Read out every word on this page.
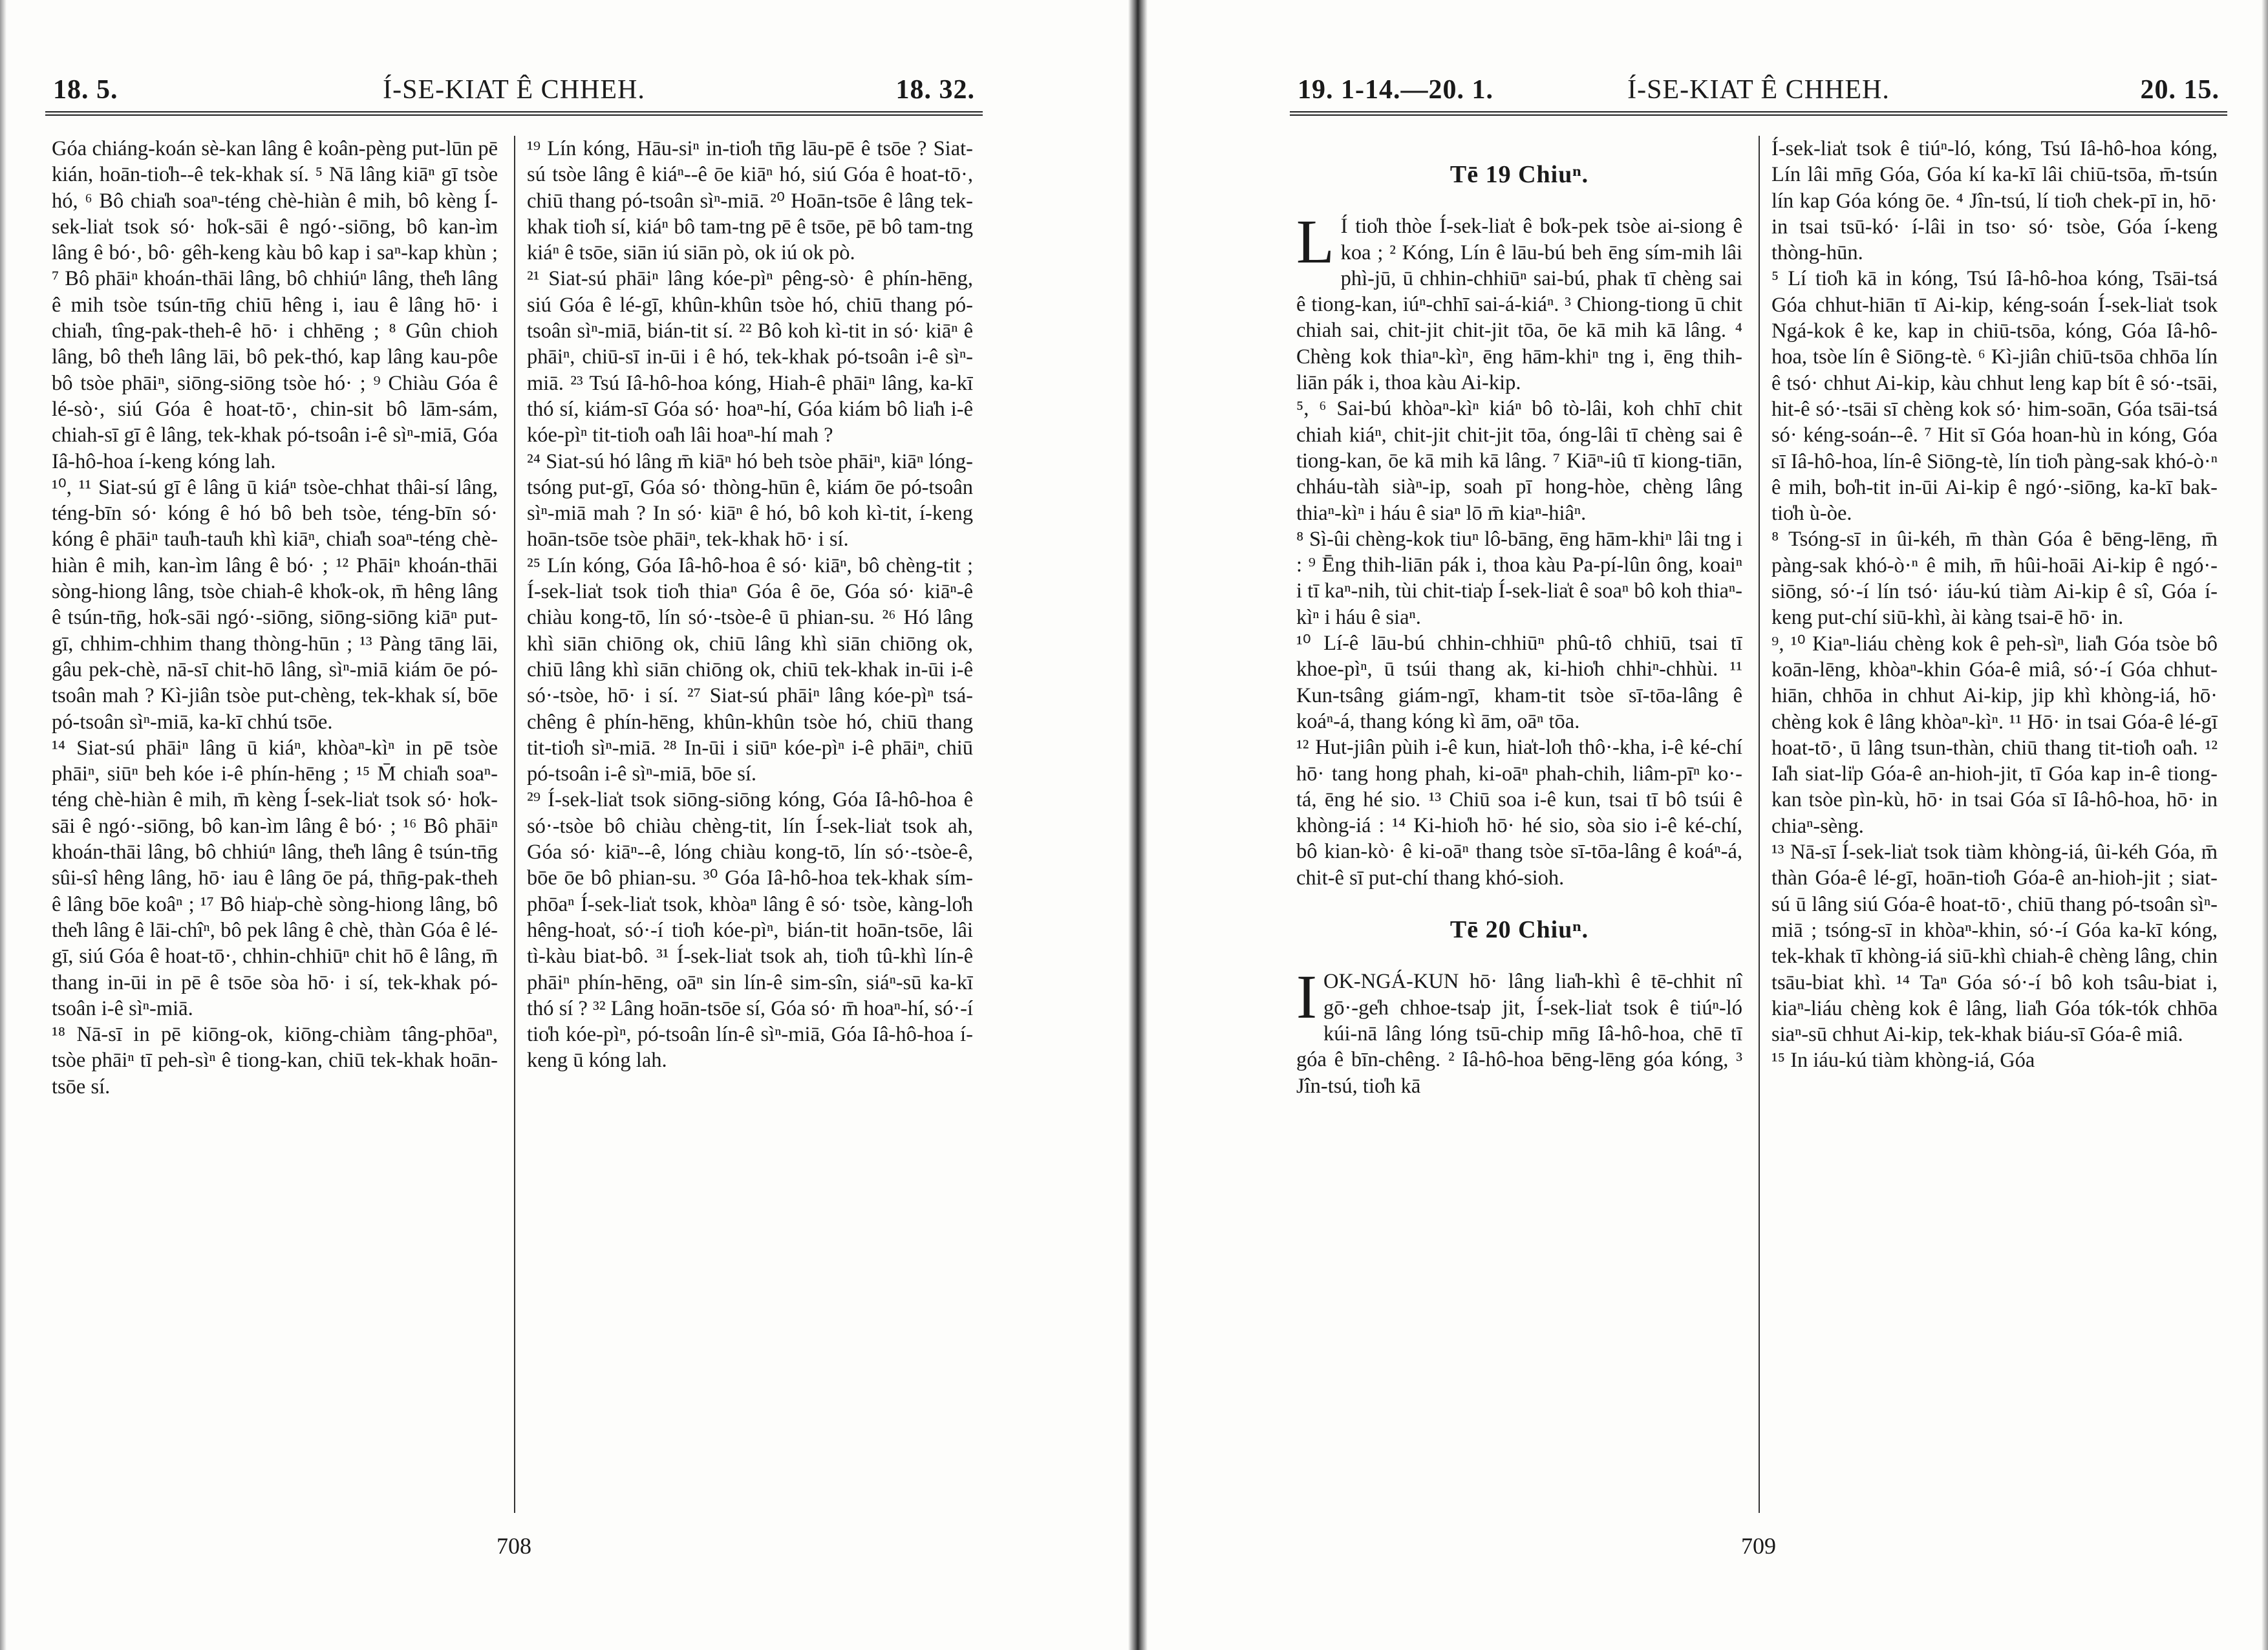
18. 5.	Í-SE-KIAT Ê CHHEH.	18. 32.

Góa chiáng-koán sè-kan lâng ê koân-pèng put-lūn pē kián, hoān-tio̍h--ê tek-khak sí. ⁵ Nā lâng kiāⁿ gī tsòe hó, ⁶ Bô chia̍h soaⁿ-téng chè-hiàn ê mih, bô kèng Í-sek-lia̍t tsok só· ho̍k-sāi ê ngó·-siōng, bô kan-ìm lâng ê bó·, bô· gêh-keng kàu bô kap i saⁿ-kap khùn ; ⁷ Bô phāiⁿ khoán-thāi lâng, bô chhiúⁿ lâng, the̍h lâng ê mih tsòe tsún-tn̄g chiū hêng i, iau ê lâng hō· i chia̍h, tîng-pak-theh-ê hō· i chhēng ; ⁸ Gûn chioh lâng, bô the̍h lâng lāi, bô pek-thó, kap lâng kau-pôe bô tsòe phāiⁿ, siōng-siōng tsòe hó· ; ⁹ Chiàu Góa ê lé-sò·, siú Góa ê hoat-tō·, chin-sit bô lām-sám, chiah-sī gī ê lâng, tek-khak pó-tsoân i-ê sìⁿ-miā, Góa Iâ-hô-hoa í-keng kóng lah.

¹⁰, ¹¹ Siat-sú gī ê lâng ū kiáⁿ tsòe-chhat thâi-sí lâng, téng-bīn só· kóng ê hó bô beh tsòe, téng-bīn só· kóng ê phāiⁿ tau̍h-tau̍h khì kiāⁿ, chia̍h soaⁿ-téng chè-hiàn ê mih, kan-ìm lâng ê bó· ; ¹² Phāiⁿ khoán-thāi sòng-hiong lâng, tsòe chiah-ê kho̍k-ok, m̄ hêng lâng ê tsún-tn̄g, ho̍k-sāi ngó·-siōng, siōng-siōng kiāⁿ put-gī, chhim-chhim thang thòng-hūn ; ¹³ Pàng tāng lāi, gâu pek-chè, nā-sī chit-hō lâng, sìⁿ-miā kiám ōe pó-tsoân mah ? Kì-jiân tsòe put-chèng, tek-khak sí, bōe pó-tsoân sìⁿ-miā, ka-kī chhú tsōe.

¹⁴ Siat-sú phāiⁿ lâng ū kiáⁿ, khòaⁿ-kìⁿ in pē tsòe phāiⁿ, siūⁿ beh kóe i-ê phín-hēng ; ¹⁵ M̄ chia̍h soaⁿ-téng chè-hiàn ê mih, m̄ kèng Í-sek-lia̍t tsok só· ho̍k-sāi ê ngó·-siōng, bô kan-ìm lâng ê bó· ; ¹⁶ Bô phāiⁿ khoán-thāi lâng, bô chhiúⁿ lâng, the̍h lâng ê tsún-tn̄g sûi-sî hêng lâng, hō· iau ê lâng ōe pá, thn̄g-pak-theh ê lâng bōe koâⁿ ; ¹⁷ Bô hia̍p-chè sòng-hiong lâng, bô the̍h lâng ê lāi-chîⁿ, bô pek lâng ê chè, thàn Góa ê lé-gī, siú Góa ê hoat-tō·, chhin-chhiūⁿ chit hō ê lâng, m̄ thang in-ūi in pē ê tsōe sòa hō· i sí, tek-khak pó-tsoân i-ê sìⁿ-miā.

¹⁸ Nā-sī in pē kiōng-ok, kiōng-chiàm tâng-phōaⁿ, tsòe phāiⁿ tī peh-sìⁿ ê tiong-kan, chiū tek-khak hoān-tsōe sí.

¹⁹ Lín kóng, Hāu-siⁿ in-tio̍h tn̄g lāu-pē ê tsōe ? Siat-sú tsòe lâng ê kiáⁿ--ê ōe kiāⁿ hó, siú Góa ê hoat-tō·, chiū thang pó-tsoân sìⁿ-miā. ²⁰ Hoān-tsōe ê lâng tek-khak tio̍h sí, kiáⁿ bô tam-tng pē ê tsōe, pē bô tam-tng kiáⁿ ê tsōe, siān iú siān pò, ok iú ok pò.

²¹ Siat-sú phāiⁿ lâng kóe-pìⁿ pêng-sò· ê phín-hēng, siú Góa ê lé-gī, khûn-khûn tsòe hó, chiū thang pó-tsoân sìⁿ-miā, bián-tit sí. ²² Bô koh kì-tit in só· kiāⁿ ê phāiⁿ, chiū-sī in-ūi i ê hó, tek-khak pó-tsoân i-ê sìⁿ-miā. ²³ Tsú Iâ-hô-hoa kóng, Hiah-ê phāiⁿ lâng, ka-kī thó sí, kiám-sī Góa só· hoaⁿ-hí, Góa kiám bô lia̍h i-ê kóe-pìⁿ tit-tio̍h oa̍h lâi hoaⁿ-hí mah ?

²⁴ Siat-sú hó lâng m̄ kiāⁿ hó beh tsòe phāiⁿ, kiāⁿ lóng-tsóng put-gī, Góa só· thòng-hūn ê, kiám ōe pó-tsoân sìⁿ-miā mah ? In só· kiāⁿ ê hó, bô koh kì-tit, í-keng hoān-tsōe tsòe phāiⁿ, tek-khak hō· i sí.

²⁵ Lín kóng, Góa Iâ-hô-hoa ê só· kiāⁿ, bô chèng-tit ; Í-sek-lia̍t tsok tio̍h thiaⁿ Góa ê ōe, Góa só· kiāⁿ-ê chiàu kong-tō, lín só·-tsòe-ê ū phian-su. ²⁶ Hó lâng khì siān chiōng ok, chiū lâng khì siān chiōng ok, chiū lâng khì siān chiōng ok, chiū tek-khak in-ūi i-ê só·-tsòe, hō· i sí. ²⁷ Siat-sú phāiⁿ lâng kóe-pìⁿ tsá-chêng ê phín-hēng, khûn-khûn tsòe hó, chiū thang tit-tio̍h sìⁿ-miā. ²⁸ In-ūi i siūⁿ kóe-pìⁿ i-ê phāiⁿ, chiū pó-tsoân i-ê sìⁿ-miā, bōe sí.

²⁹ Í-sek-lia̍t tsok siōng-siōng kóng, Góa Iâ-hô-hoa ê só·-tsòe bô chiàu chèng-tit, lín Í-sek-lia̍t tsok ah, Góa só· kiāⁿ--ê, lóng chiàu kong-tō, lín só·-tsòe-ê, bōe ōe bô phian-su. ³⁰ Góa Iâ-hô-hoa tek-khak sím-phōaⁿ Í-sek-lia̍t tsok, khòaⁿ lâng ê só· tsòe, kàng-lo̍h hêng-hoa̍t, só·-í tio̍h kóe-pìⁿ, bián-tit hoān-tsōe, lâi tì-kàu biat-bô. ³¹ Í-sek-lia̍t tsok ah, tio̍h tû-khì lín-ê phāiⁿ phín-hēng, oāⁿ sin lín-ê sim-sîn, siáⁿ-sū ka-kī thó sí ? ³² Lâng hoān-tsōe sí, Góa só· m̄ hoaⁿ-hí, só·-í tio̍h kóe-pìⁿ, pó-tsoân lín-ê sìⁿ-miā, Góa Iâ-hô-hoa í-keng ū kóng lah.

708
19. 1-14.—20. 1.	Í-SE-KIAT Ê CHHEH.	20. 15.
Tē 19 Chiuⁿ.

L Í tio̍h thòe Í-sek-lia̍t ê bo̍k-pek tsòe ai-siong ê koa ; ² Kóng, Lín ê lāu-bú beh ēng sím-mih lâi phì-jū, ū chhin-chhiūⁿ sai-bú, phak tī chèng sai ê tiong-kan, iúⁿ-chhī sai-á-kiáⁿ. ³ Chiong-tiong ū chit chiah sai, chit-jit chit-jit tōa, ōe kā mih kā lâng. ⁴ Chèng kok thiaⁿ-kìⁿ, ēng hām-khiⁿ tng i, ēng thih-liān pák i, thoa kàu Ai-kip.

⁵, ⁶ Sai-bú khòaⁿ-kìⁿ kiáⁿ bô tò-lâi, koh chhī chit chiah kiáⁿ, chit-jit chit-jit tōa, óng-lâi tī chèng sai ê tiong-kan, ōe kā mih kā lâng. ⁷ Kiāⁿ-iû tī kiong-tiān, chháu-tàh siàⁿ-ip, soah pī hong-hòe, chèng lâng thiaⁿ-kìⁿ i háu ê siaⁿ lō m̄ kiaⁿ-hiâⁿ.

⁸ Sì-ûi chèng-kok tiuⁿ lô-bāng, ēng hām-khiⁿ lâi tng i : ⁹ Ēng thih-liān pák i, thoa kàu Pa-pí-lûn ông, koaiⁿ i tī kaⁿ-nih, tùi chit-tia̍p Í-sek-lia̍t ê soaⁿ bô koh thiaⁿ-kìⁿ i háu ê siaⁿ.

¹⁰ Lí-ê lāu-bú chhin-chhiūⁿ phû-tô chhiū, tsai tī khoe-pìⁿ, ū tsúi thang ak, ki-hio̍h chhiⁿ-chhùi. ¹¹ Kun-tsâng giám-ngī, kham-tit tsòe sī-tōa-lâng ê koáⁿ-á, thang kóng kì ām, oāⁿ tōa.

¹² Hut-jiân pùih i-ê kun, hia̍t-lo̍h thô·-kha, i-ê ké-chí hō· tang hong phah, ki-oāⁿ phah-chih, liâm-pīⁿ ko·-tá, ēng hé sio. ¹³ Chiū soa i-ê kun, tsai tī bô tsúi ê khòng-iá : ¹⁴ Ki-hio̍h hō· hé sio, sòa sio i-ê ké-chí, bô kian-kò· ê ki-oāⁿ thang tsòe sī-tōa-lâng ê koáⁿ-á, chit-ê sī put-chí thang khó-sioh.

Tē 20 Chiuⁿ.

IOK-NGÁ-KUN hō· lâng lia̍h-khì ê tē-chhit nî gō·-ge̍h chhoe-tsa̍p jit, Í-sek-lia̍t tsok ê tiúⁿ-ló kúi-nā lâng lóng tsū-chip mn̄g Iâ-hô-hoa, chē tī góa ê bīn-chêng. ² Iâ-hô-hoa bēng-lēng góa kóng, ³ Jîn-tsú, tio̍h kā

Í-sek-lia̍t tsok ê tiúⁿ-ló, kóng, Tsú Iâ-hô-hoa kóng, Lín lâi mn̄g Góa, Góa kí ka-kī lâi chiū-tsōa, m̄-tsún lín kap Góa kóng ōe. ⁴ Jîn-tsú, lí tio̍h chek-pī in, hō· in tsai tsū-kó· í-lâi in tso· só· tsòe, Góa í-keng thòng-hūn.

⁵ Lí tio̍h kā in kóng, Tsú Iâ-hô-hoa kóng, Tsāi-tsá Góa chhut-hiān tī Ai-kip, kéng-soán Í-sek-lia̍t tsok Ngá-kok ê ke, kap in chiū-tsōa, kóng, Góa Iâ-hô-hoa, tsòe lín ê Siōng-tè. ⁶ Kì-jiân chiū-tsōa chhōa lín ê tsó· chhut Ai-kip, kàu chhut leng kap bít ê só·-tsāi, hit-ê só·-tsāi sī chèng kok só· him-soān, Góa tsāi-tsá só· kéng-soán--ê. ⁷ Hit sī Góa hoan-hù in kóng, Góa sī Iâ-hô-hoa, lín-ê Siōng-tè, lín tio̍h pàng-sak khó-ò·ⁿ ê mih, bo̍h-tit in-ūi Ai-kip ê ngó·-siōng, ka-kī bak-tio̍h ù-òe.

⁸ Tsóng-sī in ûi-kéh, m̄ thàn Góa ê bēng-lēng, m̄ pàng-sak khó-ò·ⁿ ê mih, m̄ hûi-hoāi Ai-kip ê ngó·-siōng, só·-í lín tsó· iáu-kú tiàm Ai-kip ê sî, Góa í-keng put-chí siū-khì, ài kàng tsai-ē hō· in.

⁹, ¹⁰ Kiaⁿ-liáu chèng kok ê peh-sìⁿ, lia̍h Góa tsòe bô koān-lēng, khòaⁿ-khin Góa-ê miâ, só·-í Góa chhut-hiān, chhōa in chhut Ai-kip, jip khì khòng-iá, hō· chèng kok ê lâng khòaⁿ-kìⁿ. ¹¹ Hō· in tsai Góa-ê lé-gī hoat-tō·, ū lâng tsun-thàn, chiū thang tit-tio̍h oa̍h. ¹² Ia̍h siat-li̍p Góa-ê an-hioh-jit, tī Góa kap in-ê tiong-kan tsòe pìn-kù, hō· in tsai Góa sī Iâ-hô-hoa, hō· in chiaⁿ-sèng.

¹³ Nā-sī Í-sek-lia̍t tsok tiàm khòng-iá, ûi-kéh Góa, m̄ thàn Góa-ê lé-gī, hoān-tio̍h Góa-ê an-hioh-jit ; siat-sú ū lâng siú Góa-ê hoat-tō·, chiū thang pó-tsoân sìⁿ-miā ; tsóng-sī in khòaⁿ-khin, só·-í Góa ka-kī kóng, tek-khak tī khòng-iá siū-khì chiah-ê chèng lâng, chin tsāu-biat khì. ¹⁴ Taⁿ Góa só·-í bô koh tsâu-biat i, kiaⁿ-liáu chèng kok ê lâng, lia̍h Góa tók-tók chhōa siaⁿ-sū chhut Ai-kip, tek-khak biáu-sī Góa-ê miâ.

¹⁵ In iáu-kú tiàm khòng-iá, Góa

709
